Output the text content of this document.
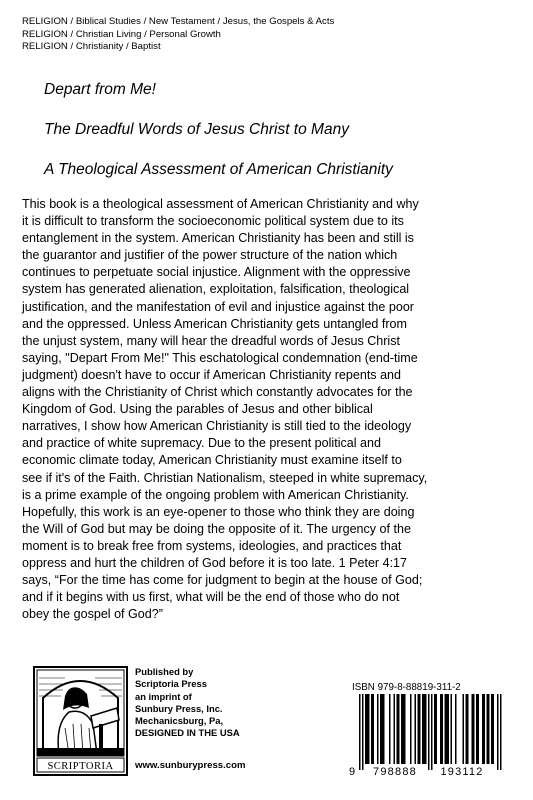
RELIGION / Biblical Studies / New Testament / Jesus, the Gospels & Acts
RELIGION / Christian Living / Personal Growth
RELIGION / Christianity / Baptist
Depart from Me!
The Dreadful Words of Jesus Christ to Many
A Theological Assessment of American Christianity

This book is a theological assessment of American Christianity and why
it is difficult to transform the socioeconomic political system due to its
entanglement in the system. American Christianity has been and still is
the guarantor and justifier of the power structure of the nation which
continues to perpetuate social injustice. Alignment with the oppressive
system has generated alienation, exploitation, falsification, theological
justification, and the manifestation of evil and injustice against the poor
and the oppressed. Unless American Christianity gets untangled from
the unjust system, many will hear the dreadful words of Jesus Christ
saying, "Depart From Me!" This eschatological condemnation (end-time
judgment) doesn't have to occur if American Christianity repents and
aligns with the Christianity of Christ which constantly advocates for the
Kingdom of God. Using the parables of Jesus and other biblical
narratives, I show how American Christianity is still tied to the ideology
and practice of white supremacy. Due to the present political and
economic climate today, American Christianity must examine itself to
see if it's of the Faith. Christian Nationalism, steeped in white supremacy,
is a prime example of the ongoing problem with American Christianity.
Hopefully, this work is an eye-opener to those who think they are doing
the Will of God but may be doing the opposite of it. The urgency of the
moment is to break free from systems, ideologies, and practices that
oppress and hurt the children of God before it is too late. 1 Peter 4:17
says, “For the time has come for judgment to begin at the house of God;
and if it begins with us first, what will be the end of those who do not
obey the gospel of God?”

SCRIPTORIA
Published by
Scriptoria Press
an imprint of
Sunbury Press, Inc.
Mechanicsburg, Pa,
DESIGNED IN THE USA
www.sunburypress.com
ISBN 979-8-88819-311-2
9 798888 193112
